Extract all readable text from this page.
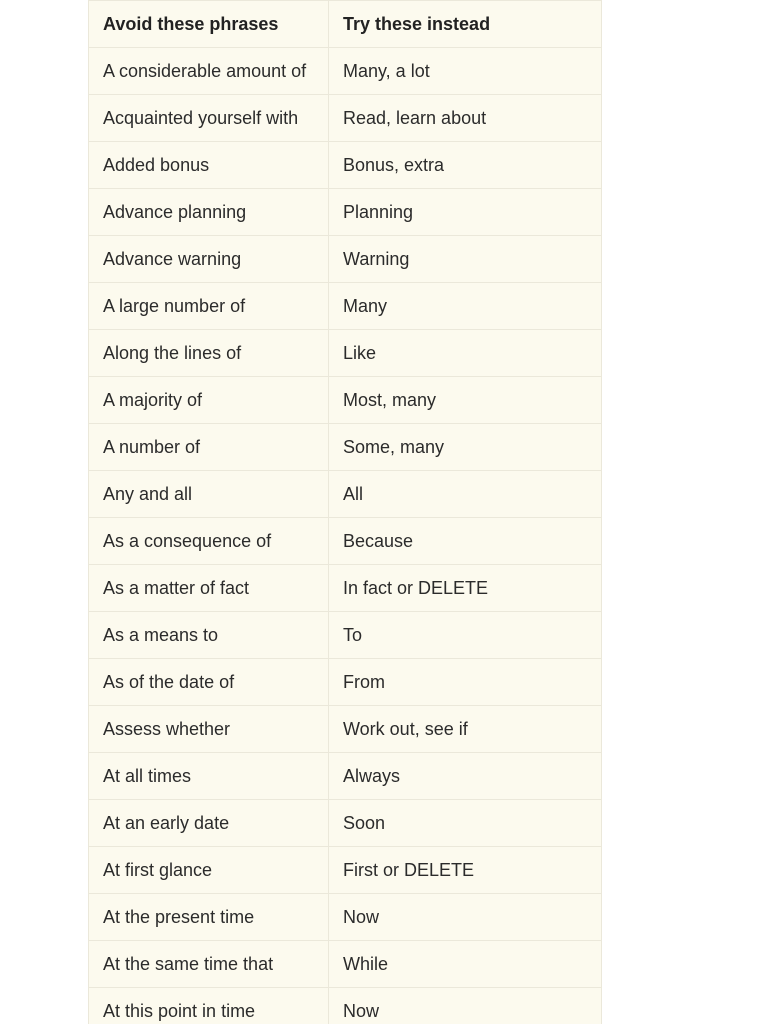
Avoid these phrases	Try these instead
A considerable amount of	Many, a lot
Acquainted yourself with	Read, learn about
Added bonus	Bonus, extra
Advance planning	Planning
Advance warning	Warning
A large number of	Many
Along the lines of	Like
A majority of	Most, many
A number of	Some, many
Any and all	All
As a consequence of	Because
As a matter of fact	In fact or DELETE
As a means to	To
As of the date of	From
Assess whether	Work out, see if
At all times	Always
At an early date	Soon
At first glance	First or DELETE
At the present time	Now
At the same time that	While
At this point in time	Now
